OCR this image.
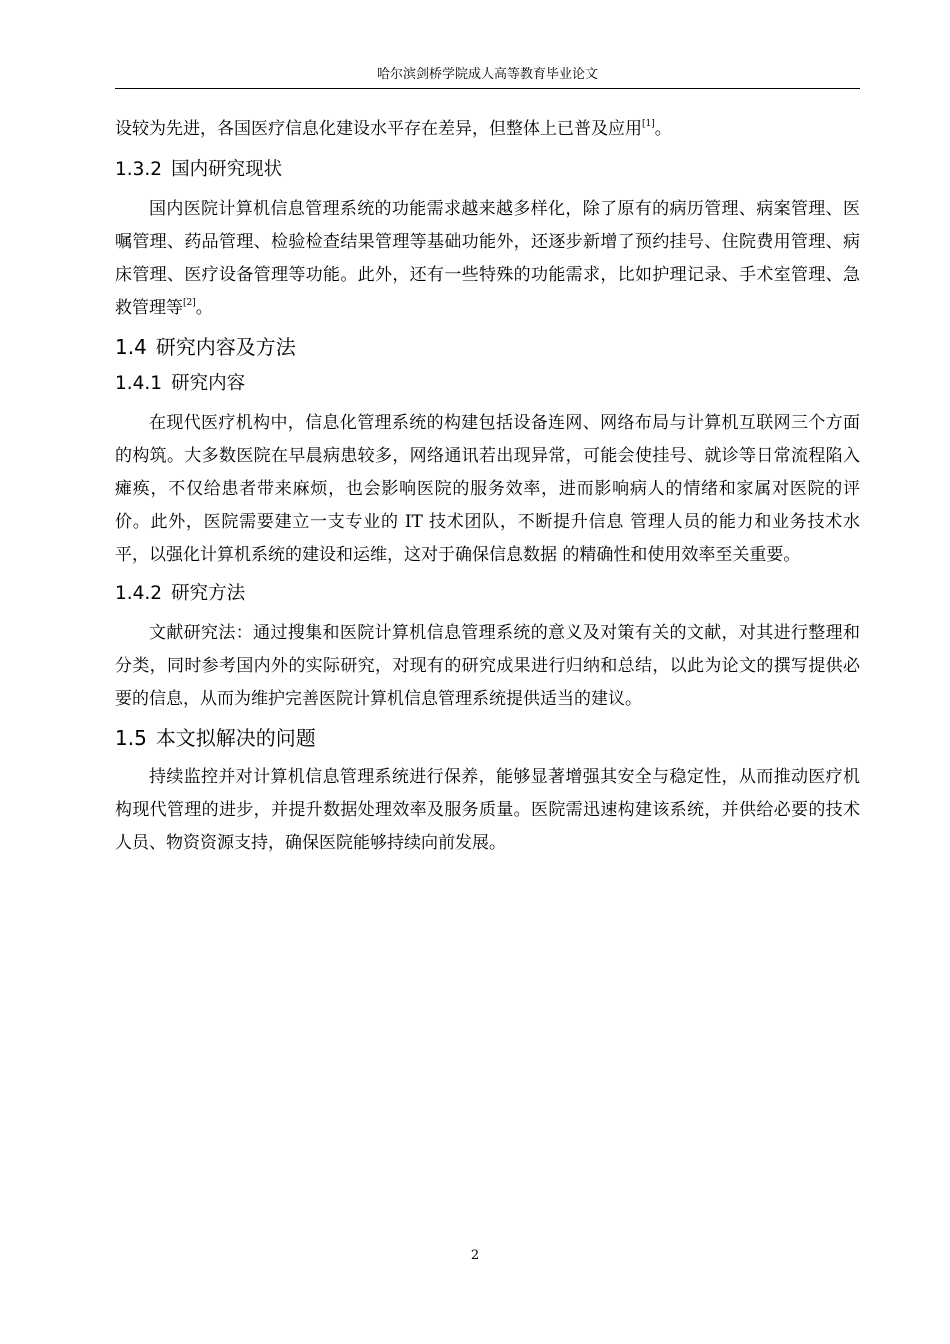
哈尔滨剑桥学院成人高等教育毕业论文

设较为先进，各国医疗信息化建设水平存在差异，但整体上已普及应用[1]。

1.3.2 国内研究现状

国内医院计算机信息管理系统的功能需求越来越多样化，除了原有的病历管理、病案管理、医嘱管理、药品管理、检验检查结果管理等基础功能外，还逐步新增了预约挂号、住院费用管理、病床管理、医疗设备管理等功能。此外，还有一些特殊的功能需求，比如护理记录、手术室管理、急救管理等[2]。

1.4 研究内容及方法
1.4.1 研究内容

在现代医疗机构中，信息化管理系统的构建包括设备连网、网络布局与计算机互联网三个方面的构筑。大多数医院在早晨病患较多，网络通讯若出现异常，可能会使挂号、就诊等日常流程陷入瘫痪，不仅给患者带来麻烦，也会影响医院的服务效率，进而影响病人的情绪和家属对医院的评价。此外，医院需要建立一支专业的 IT 技术团队，不断提升信息 管理人员的能力和业务技术水平，以强化计算机系统的建设和运维，这对于确保信息数据 的精确性和使用效率至关重要。

1.4.2 研究方法

文献研究法：通过搜集和医院计算机信息管理系统的意义及对策有关的文献，对其进行整理和分类，同时参考国内外的实际研究，对现有的研究成果进行归纳和总结，以此为论文的撰写提供必要的信息，从而为维护完善医院计算机信息管理系统提供适当的建议。

1.5 本文拟解决的问题

持续监控并对计算机信息管理系统进行保养，能够显著增强其安全与稳定性，从而推动医疗机构现代管理的进步，并提升数据处理效率及服务质量。医院需迅速构建该系统，并供给必要的技术人员、物资资源支持，确保医院能够持续向前发展。

2
